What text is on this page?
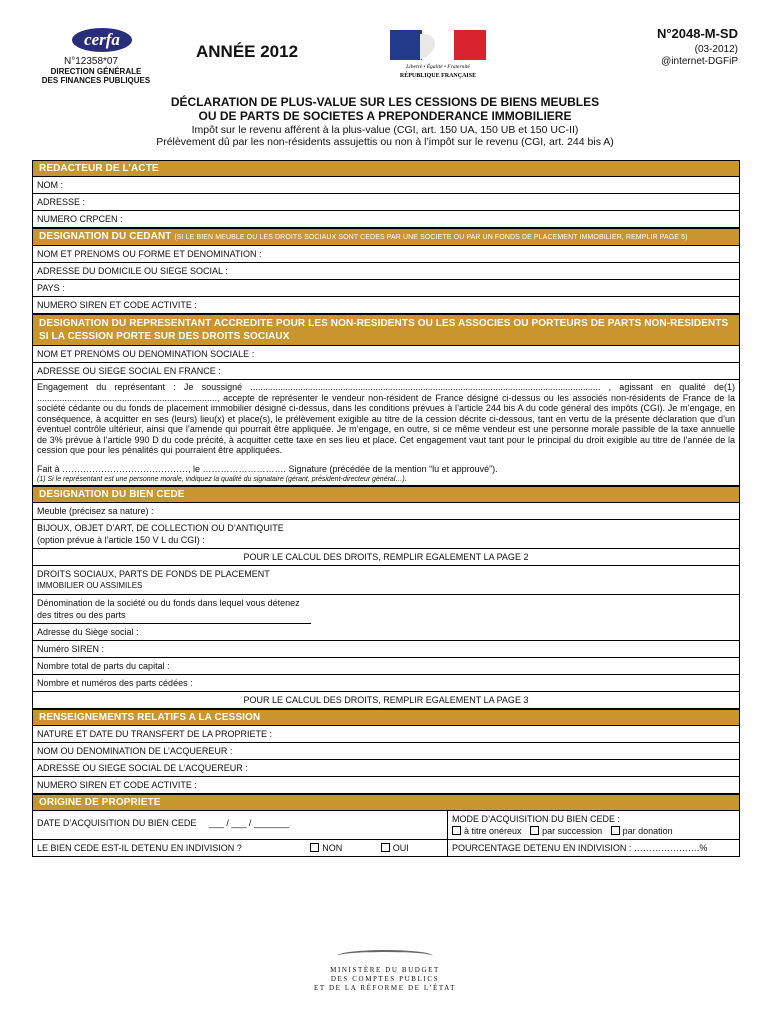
cerfa
N°12358*07
DIRECTION GÉNÉRALE
DES FINANCES PUBLIQUES
ANNÉE 2012
Liberté • Égalité • Fraternité
RÉPUBLIQUE FRANÇAISE
N°2048-M-SD
(03-2012)
@internet-DGFiP
DÉCLARATION DE PLUS-VALUE SUR LES CESSIONS DE BIENS MEUBLES
OU DE PARTS DE SOCIETES A PREPONDERANCE IMMOBILIERE
Impôt sur le revenu afférent à la plus-value (CGI, art. 150 UA, 150 UB et 150 UC-II)
Prélèvement dû par les non-résidents assujettis ou non à l’impôt sur le revenu (CGI, art. 244 bis A)
REDACTEUR DE L’ACTE
NOM :
ADRESSE :
NUMERO CRPCEN :
DESIGNATION DU CEDANT (SI LE BIEN MEUBLE OU LES DROITS SOCIAUX SONT CEDES PAR UNE SOCIETE OU PAR UN FONDS DE PLACEMENT IMMOBILIER, REMPLIR PAGE 5)
NOM ET PRENOMS OU FORME ET DENOMINATION :
ADRESSE DU DOMICILE OU SIEGE SOCIAL :
PAYS :
NUMERO SIREN ET CODE ACTIVITE :
DESIGNATION DU REPRESENTANT ACCREDITE POUR LES NON-RESIDENTS OU LES ASSOCIES OU PORTEURS DE PARTS NON-RESIDENTS SI LA CESSION PORTE SUR DES DROITS SOCIAUX
NOM ET PRENOMS OU DENOMINATION SOCIALE :
ADRESSE OU SIEGE SOCIAL EN FRANCE :
Engagement du représentant : Je soussigné ............................................................................................................................................ , agissant en qualité de(1) ........................................................................, accepte de représenter le vendeur non-résident de France désigné ci-dessus ou les associés non-résidents de France de la société cédante ou du fonds de placement immobilier désigné ci-dessus, dans les conditions prévues à l’article 244 bis A du code général des impôts (CGI). Je m’engage, en conséquence, à acquitter en ses (leurs) lieu(x) et place(s), le prélèvement exigible au titre de la cession décrite ci-dessous, tant en vertu de la présente déclaration que d’un éventuel contrôle ultérieur, ainsi que l’amende qui pourrait être appliquée. Je m’engage, en outre, si ce même vendeur est une personne morale passible de la taxe annuelle de 3% prévue à l’article 990 D du code précité, à acquitter cette taxe en ses lieu et place. Cet engagement vaut tant pour le principal du droit exigible au titre de l’année de la cession que pour les pénalités qui pourraient être appliquées.
Fait à ……………………………………, le ………………………. Signature (précédée de la mention “lu et approuvé”).
(1) Si le représentant est une personne morale, indiquez la qualité du signataire (gérant, président-directeur général…).
DESIGNATION DU BIEN CEDE
Meuble (précisez sa nature) :
BIJOUX, OBJET D’ART, DE COLLECTION OU D’ANTIQUITE
(option prévue à l’article 150 V L du CGI) :
POUR LE CALCUL DES DROITS, REMPLIR EGALEMENT LA PAGE 2
DROITS SOCIAUX, PARTS DE FONDS DE PLACEMENT
IMMOBILIER OU ASSIMILES
Dénomination de la société ou du fonds dans lequel vous détenez des titres ou des parts
Adresse du Siège social :
Numéro SIREN :
Nombre total de parts du capital :
Nombre et numéros des parts cédées :
POUR LE CALCUL DES DROITS, REMPLIR EGALEMENT LA PAGE 3
RENSEIGNEMENTS RELATIFS A LA CESSION
NATURE ET DATE DU TRANSFERT DE LA PROPRIETE :
NOM OU DENOMINATION DE L’ACQUEREUR :
ADRESSE OU SIEGE SOCIAL DE L’ACQUEREUR :
NUMERO SIREN ET CODE ACTIVITE :
ORIGINE DE PROPRIETE
DATE D’ACQUISITION DU BIEN CEDE ___ / ___ / _______	MODE D’ACQUISITION DU BIEN CEDE :
à titre onéreux par succession par donation
LE BIEN CEDE EST-IL DETENU EN INDIVISION ?	NON	OUI	POURCENTAGE DETENU EN INDIVISION : ………………….%
MINISTÈRE DU BUDGET
DES COMPTES PUBLICS
ET DE LA RÉFORME DE L’ÉTAT
